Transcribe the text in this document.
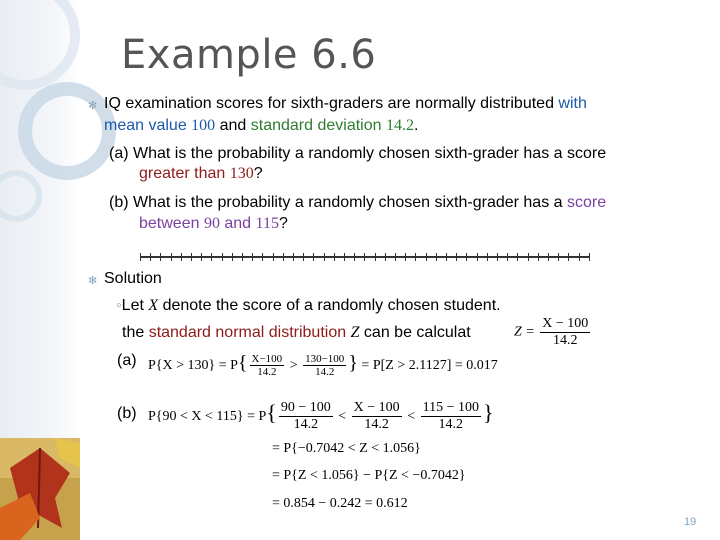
Example 6.6
✻ IQ examination scores for sixth-graders are normally distributed with
mean value 100 and standard deviation 14.2.
(a) What is the probability a randomly chosen sixth-grader has a score
greater than 130?
(b) What is the probability a randomly chosen sixth-grader has a score
between 90 and 115?
✻ Solution
◦Let X denote the score of a randomly chosen student.
the standard normal distribution Z can be calculat	$Z = \frac{X - 100}{14.2}$
(a) $P\{X > 130\} = P\{ \frac{X-100}{14.2} > \frac{130-100}{14.2}$ } = P[Z > 2.1127] = 0.017
(b) $P\{90 < X < 115\} = P\{ \frac{90 - 100}{14.2} < \frac{X - 100}{14.2} < \frac{115 - 100}{14.2}$ }
= P{−0.7042 < Z < 1.056}
= P{Z < 1.056} − P{Z < −0.7042}
= 0.854 − 0.242 = 0.612
19
